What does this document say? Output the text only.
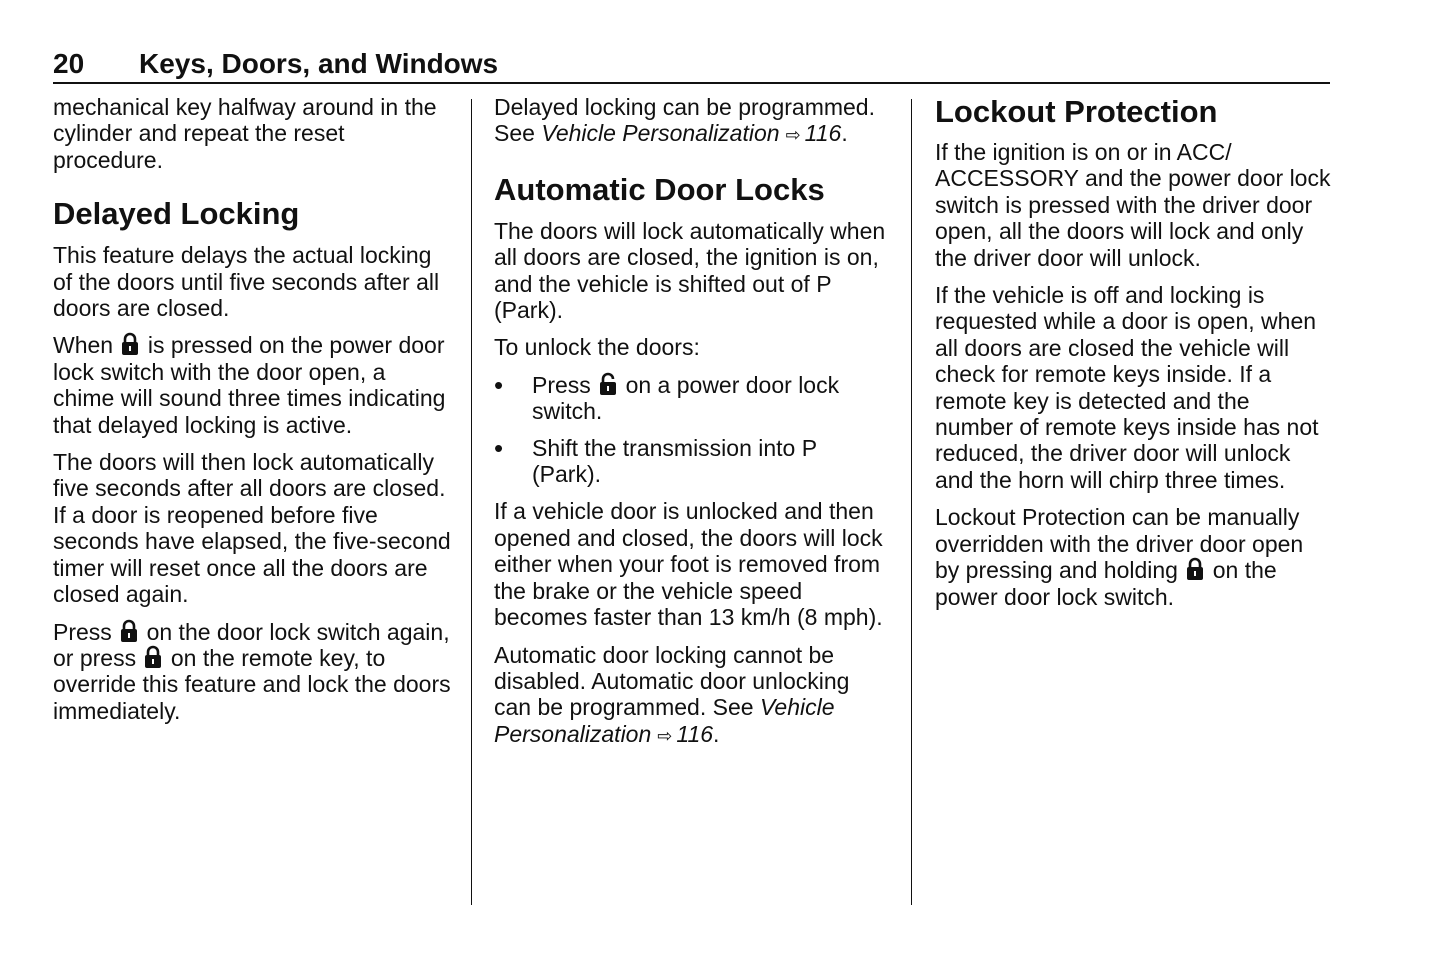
20 Keys, Doors, and Windows

mechanical key halfway around in the cylinder and repeat the reset procedure.

Delayed Locking

This feature delays the actual locking of the doors until five seconds after all doors are closed.

When is pressed on the power door lock switch with the door open, a chime will sound three times indicating that delayed locking is active.

The doors will then lock automatically five seconds after all doors are closed. If a door is reopened before five seconds have elapsed, the five-second timer will reset once all the doors are closed again.

Press on the door lock switch again, or press on the remote key, to override this feature and lock the doors immediately.

Delayed locking can be programmed. See Vehicle Personalization ⇨ 116.

Automatic Door Locks

The doors will lock automatically when all doors are closed, the ignition is on, and the vehicle is shifted out of P (Park).

To unlock the doors:

• Press on a power door lock switch.
• Shift the transmission into P (Park).

If a vehicle door is unlocked and then opened and closed, the doors will lock either when your foot is removed from the brake or the vehicle speed becomes faster than 13 km/h (8 mph).

Automatic door locking cannot be disabled. Automatic door unlocking can be programmed. See Vehicle Personalization ⇨ 116.

Lockout Protection

If the ignition is on or in ACC/ ACCESSORY and the power door lock switch is pressed with the driver door open, all the doors will lock and only the driver door will unlock.

If the vehicle is off and locking is requested while a door is open, when all doors are closed the vehicle will check for remote keys inside. If a remote key is detected and the number of remote keys inside has not reduced, the driver door will unlock and the horn will chirp three times.

Lockout Protection can be manually overridden with the driver door open by pressing and holding on the power door lock switch.
